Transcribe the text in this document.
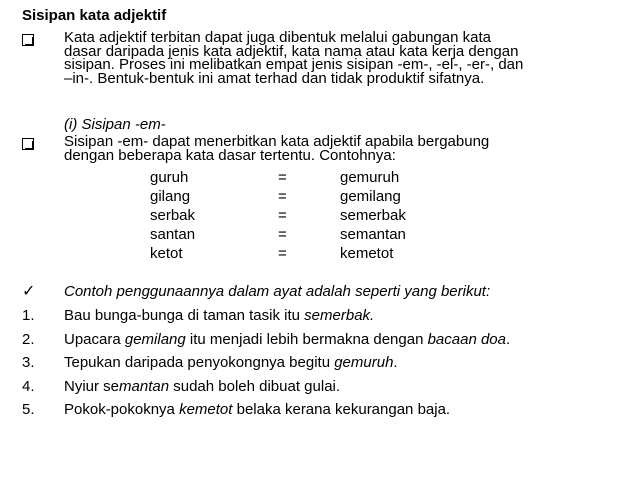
Sisipan kata adjektif
Kata adjektif terbitan dapat juga dibentuk melalui gabungan kata
dasar daripada jenis kata adjektif, kata nama atau kata kerja dengan
sisipan. Proses ini melibatkan empat jenis sisipan -em-, -el-, -er-, dan
–in-. Bentuk-bentuk ini amat terhad dan tidak produktif sifatnya.
(i) Sisipan -em-
Sisipan -em- dapat menerbitkan kata adjektif apabila bergabung
dengan beberapa kata dasar tertentu. Contohnya:
guruh	=	gemuruh
gilang	=	gemilang
serbak	=	semerbak
santan	=	semantan
ketot	=	kemetot
✓ Contoh penggunaannya dalam ayat adalah seperti yang berikut:
1. Bau bunga-bunga di taman tasik itu semerbak.
2. Upacara gemilang itu menjadi lebih bermakna dengan bacaan doa.
3. Tepukan daripada penyokongnya begitu gemuruh.
4. Nyiur semantan sudah boleh dibuat gulai.
5. Pokok-pokoknya kemetot belaka kerana kekurangan baja.
